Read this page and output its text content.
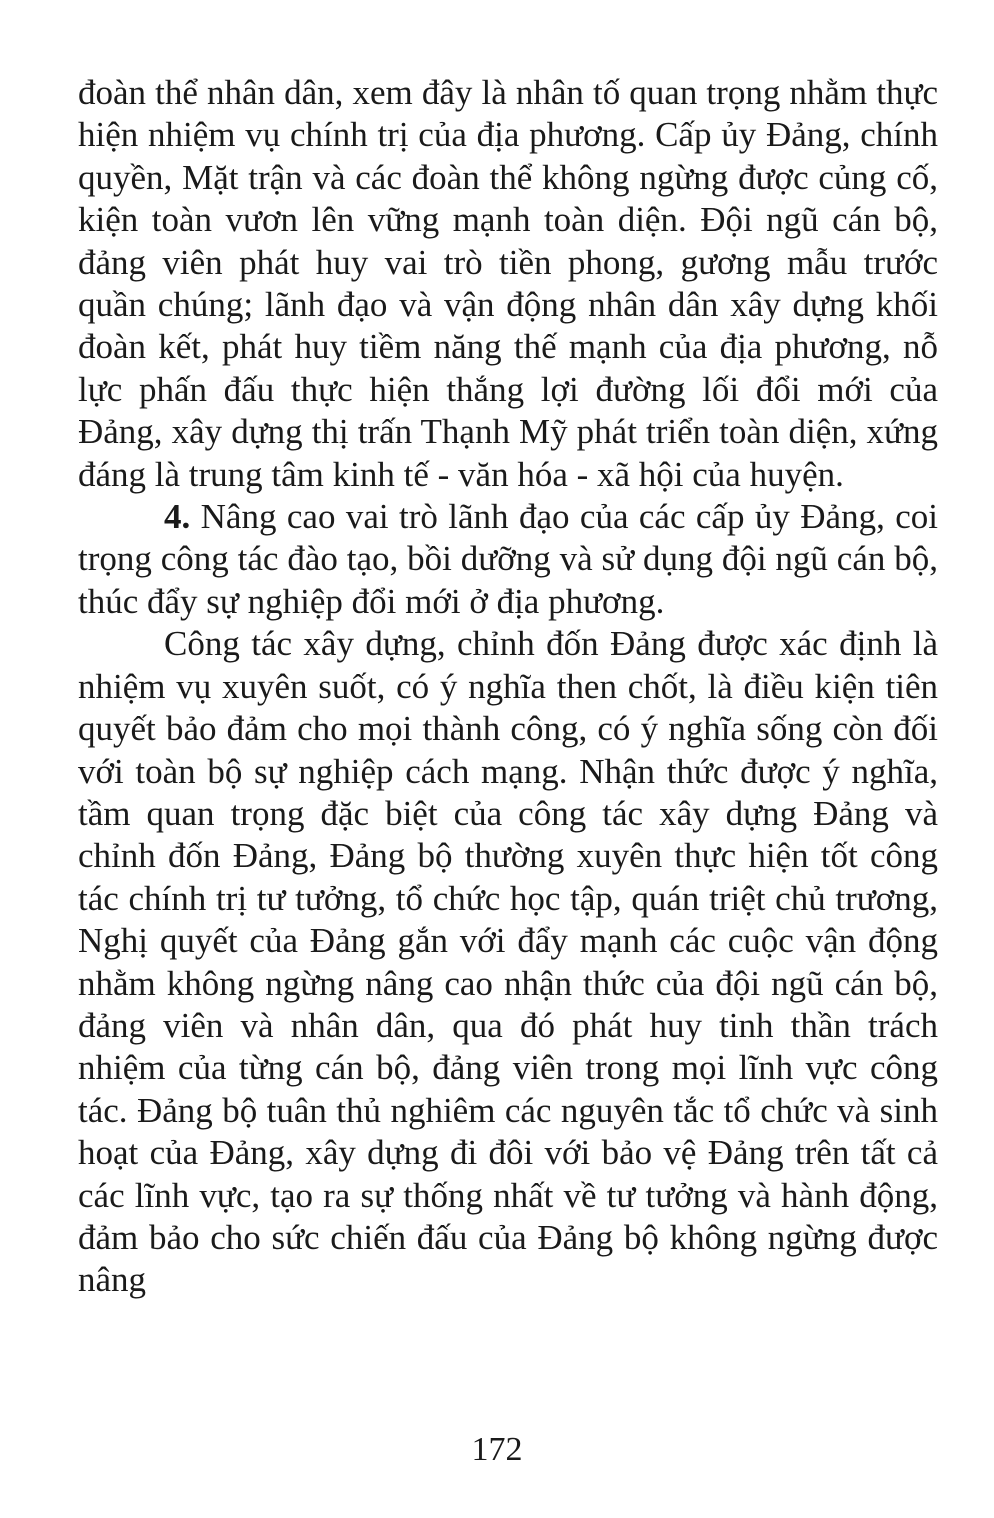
đoàn thể nhân dân, xem đây là nhân tố quan trọng nhằm thực hiện nhiệm vụ chính trị của địa phương. Cấp ủy Đảng, chính quyền, Mặt trận và các đoàn thể không ngừng được củng cố, kiện toàn vươn lên vững mạnh toàn diện. Đội ngũ cán bộ, đảng viên phát huy vai trò tiền phong, gương mẫu trước quần chúng; lãnh đạo và vận động nhân dân xây dựng khối đoàn kết, phát huy tiềm năng thế mạnh của địa phương, nỗ lực phấn đấu thực hiện thắng lợi đường lối đổi mới của Đảng, xây dựng thị trấn Thạnh Mỹ phát triển toàn diện, xứng đáng là trung tâm kinh tế - văn hóa - xã hội của huyện.

4. Nâng cao vai trò lãnh đạo của các cấp ủy Đảng, coi trọng công tác đào tạo, bồi dưỡng và sử dụng đội ngũ cán bộ, thúc đẩy sự nghiệp đổi mới ở địa phương.

Công tác xây dựng, chỉnh đốn Đảng được xác định là nhiệm vụ xuyên suốt, có ý nghĩa then chốt, là điều kiện tiên quyết bảo đảm cho mọi thành công, có ý nghĩa sống còn đối với toàn bộ sự nghiệp cách mạng. Nhận thức được ý nghĩa, tầm quan trọng đặc biệt của công tác xây dựng Đảng và chỉnh đốn Đảng, Đảng bộ thường xuyên thực hiện tốt công tác chính trị tư tưởng, tổ chức học tập, quán triệt chủ trương, Nghị quyết của Đảng gắn với đẩy mạnh các cuộc vận động nhằm không ngừng nâng cao nhận thức của đội ngũ cán bộ, đảng viên và nhân dân, qua đó phát huy tinh thần trách nhiệm của từng cán bộ, đảng viên trong mọi lĩnh vực công tác. Đảng bộ tuân thủ nghiêm các nguyên tắc tổ chức và sinh hoạt của Đảng, xây dựng đi đôi với bảo vệ Đảng trên tất cả các lĩnh vực, tạo ra sự thống nhất về tư tưởng và hành động, đảm bảo cho sức chiến đấu của Đảng bộ không ngừng được nâng

172
